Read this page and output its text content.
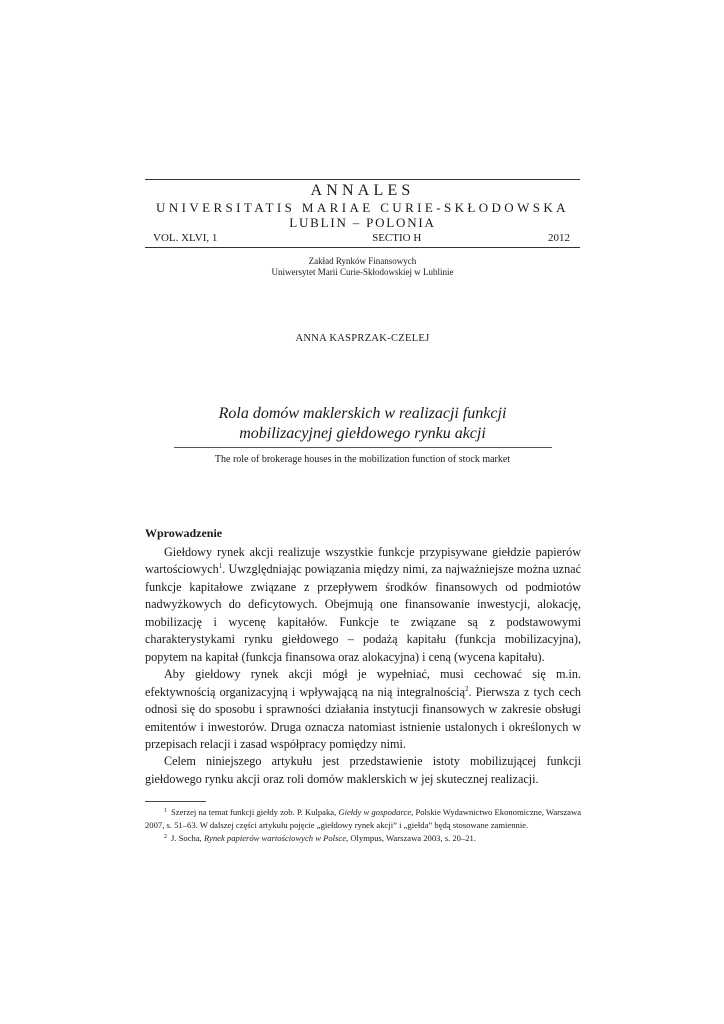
ANNALES
UNIVERSITATIS MARIAE CURIE-SKŁODOWSKA
LUBLIN – POLONIA
VOL. XLVI, 1	SECTIO H	2012
Zakład Rynków Finansowych
Uniwersytet Marii Curie-Skłodowskiej w Lublinie
ANNA KASPRZAK-CZELEJ
Rola domów maklerskich w realizacji funkcji
mobilizacyjnej giełdowego rynku akcji
The role of brokerage houses in the mobilization function of stock market
Wprowadzenie

Giełdowy rynek akcji realizuje wszystkie funkcje przypisywane giełdzie papierów wartościowych$^1$. Uwzględniając powiązania między nimi, za najważniejsze można uznać funkcje kapitałowe związane z przepływem środków finansowych od podmiotów nadwyżkowych do deficytowych. Obejmują one finansowanie inwestycji, alokację, mobilizację i wycenę kapitałów. Funkcje te związane są z podstawowymi charakterystykami rynku giełdowego – podażą kapitału (funkcja mobilizacyjna), popytem na kapitał (funkcja finansowa oraz alokacyjna) i ceną (wycena kapitału).

Aby giełdowy rynek akcji mógł je wypełniać, musi cechować się m.in. efektywnością organizacyjną i wpływającą na nią integralnością$^2$. Pierwsza z tych cech odnosi się do sposobu i sprawności działania instytucji finansowych w zakresie obsługi emitentów i inwestorów. Druga oznacza natomiast istnienie ustalonych i określonych w przepisach relacji i zasad współpracy pomiędzy nimi.

Celem niniejszego artykułu jest przedstawienie istoty mobilizującej funkcji giełdowego rynku akcji oraz roli domów maklerskich w jej skutecznej realizacji.

$^1$ Szerzej na temat funkcji giełdy zob. P. Kulpaka, Giełdy w gospodarce, Polskie Wydawnictwo Ekonomiczne, Warszawa 2007, s. 51–63. W dalszej części artykułu pojęcie „giełdowy rynek akcji” i „giełda” będą stosowane zamiennie.

$^2$ J. Socha, Rynek papierów wartościowych w Polsce, Olympus, Warszawa 2003, s. 20–21.
